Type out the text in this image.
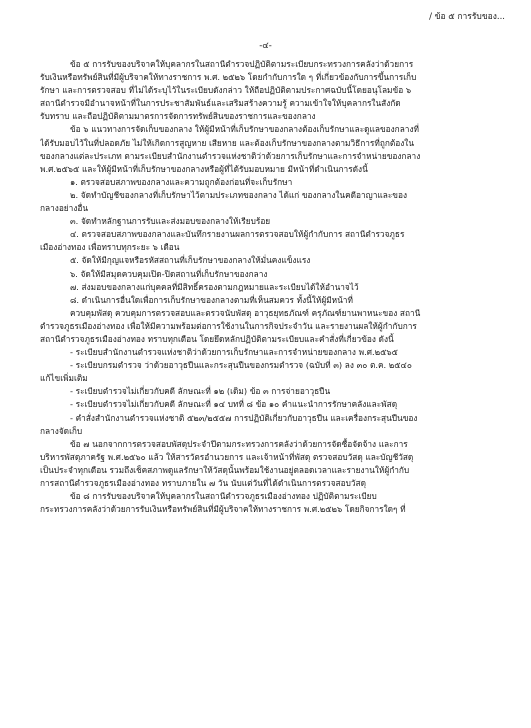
/ ข้อ ๕ การรับของ...
-๔-
ข้อ ๕ การรับของบริจาคให้บุคลากรในสถานีตำรวจปฏิบัติตามระเบียบกระทรวงการคลังว่าด้วยการ
รับเงินหรือทรัพย์สินที่มีผู้บริจาคให้ทางราชการ พ.ศ. ๒๕๒๖ โดยกำกับการใด ๆ ที่เกี่ยวข้องกับการขึ้นการเก็บ
รักษา และการตรวจสอบ ที่ไม่ได้ระบุไว้ในระเบียบดังกล่าว ให้ถือปฏิบัติตามประกาศฉบับนี้โดยอนุโลมข้อ ๖
สถานีตำรวจมีอำนาจหน้าที่ในการประชาสัมพันธ์และเสริมสร้างความรู้ ความเข้าใจให้บุคลากรในสังกัด
รับทราบ และถือปฏิบัติตามมาตรการจัดการทรัพย์สินของราชการและของกลาง
ข้อ ๖ แนวทางการจัดเก็บของกลาง ให้ผู้มีหน้าที่เก็บรักษาของกลางต้องเก็บรักษาและดูแลของกลางที่
ได้รับมอบไว้ในที่ปลอดภัย ไม่ให้เกิดการสูญหาย เสียหาย และต้องเก็บรักษาของกลางตามวิธีการที่ถูกต้องใน
ของกลางแต่ละประเภท ตามระเบียบสำนักงานตำรวจแห่งชาติว่าด้วยการเก็บรักษาและการจำหน่ายของกลาง
พ.ศ.๒๕๖๕ และให้ผู้มีหน้าที่เก็บรักษาของกลางหรือผู้ที่ได้รับมอบหมาย มีหน้าที่ดำเนินการดังนี้
๑. ตรวจสอบสภาพของกลางและความถูกต้องก่อนที่จะเก็บรักษา
๒. จัดทำบัญชีของกลางที่เก็บรักษาไว้ตามประเภทของกลาง ได้แก่ ของกลางในคดีอาญาและของ
กลางอย่างอื่น
๓. จัดทำหลักฐานการรับและส่งมอบของกลางให้เรียบร้อย
๔. ตรวจสอบสภาพของกลางและบันทึกรายงานผลการตรวจสอบให้ผู้กำกับการ สถานีตำรวจภูธร
เมืองอ่างทอง เพื่อทราบทุกระยะ ๖ เดือน
๕. จัดให้มีกุญแจหรือรหัสสถานที่เก็บรักษาของกลางให้มั่นคงแข็งแรง
๖. จัดให้มีสมุดควบคุมเปิด-ปิดสถานที่เก็บรักษาของกลาง
๗. ส่งมอบของกลางแก่บุคคลที่มีสิทธิ์ครองตามกฎหมายและระเบียบได้ให้อำนาจไว้
๘. ดำเนินการอื่นใดเพื่อการเก็บรักษาของกลางตามที่เห็นสมควร ทั้งนี้ให้ผู้มีหน้าที่
ควบคุมพัสดุ ควบคุมการตรวจสอบและตรวจนับพัสดุ อาวุธยุทธภัณฑ์ ครุภัณฑ์ยานพาหนะของ สถานี
ตำรวจภูธรเมืองอ่างทอง เพื่อให้มีความพร้อมต่อการใช้งานในการกิจประจำวัน และรายงานผลให้ผู้กำกับการ
สถานีตำรวจภูธรเมืองอ่างทอง ทราบทุกเดือน โดยยึดหลักปฏิบัติตามระเบียบและคำสั่งที่เกี่ยวข้อง ดังนี้
- ระเบียบสำนักงานตำรวจแห่งชาติว่าด้วยการเก็บรักษาและการจำหน่ายของกลาง พ.ศ.๒๕๖๕
- ระเบียบกรมตำรวจ ว่าด้วยอาวุธปืนและกระสุนปืนของกรมตำรวจ (ฉบับที่ ๓) ลง ๓๐ ต.ค. ๒๕๔๐
แก้ไขเพิ่มเติม
- ระเบียบตำรวจไม่เกี่ยวกับคดี ลักษณะที่ ๑๒ (เดิม) ข้อ ๓ การจ่ายอาวุธปืน
- ระเบียบตำรวจไม่เกี่ยวกับคดี ลักษณะที่ ๑๔ บทที่ ๘ ข้อ ๑๐ คำแนะนำการรักษาคลังและพัสดุ
- คำสั่งสำนักงานตำรวจแห่งชาติ ๕๒๓/๒๕๕๗ การปฏิบัติเกี่ยวกับอาวุธปืน และเครื่องกระสุนปืนของ
กลางจัดเก็บ
ข้อ ๗ นอกจากการตรวจสอบพัสดุประจำปีตามกระทรวงการคลังว่าด้วยการจัดซื้อจัดจ้าง และการ
บริหารพัสดุภาครัฐ พ.ศ.๒๕๖๐ แล้ว ให้สารวัตรอำนวยการ และเจ้าหน้าที่พัสดุ ตรวจสอบวัสดุ และบัญชีวัสดุ
เป็นประจำทุกเดือน รวมถึงเช็คสภาพดูแลรักษาให้วัสดุนั้นพร้อมใช้งานอยู่ตลอดเวลาและรายงานให้ผู้กำกับ
การสถานีตำรวจภูธรเมืองอ่างทอง ทราบภายใน ๗ วัน นับแต่วันที่ได้ดำเนินการตรวจสอบวัสดุ
ข้อ ๘ การรับของบริจาคให้บุคลากรในสถานีตำรวจภูธรเมืองอ่างทอง ปฏิบัติตามระเบียบ
กระทรวงการคลังว่าด้วยการรับเงินหรือทรัพย์สินที่มีผู้บริจาคให้ทางราชการ พ.ศ.๒๕๒๖ โดยกิจการใดๆ ที่
